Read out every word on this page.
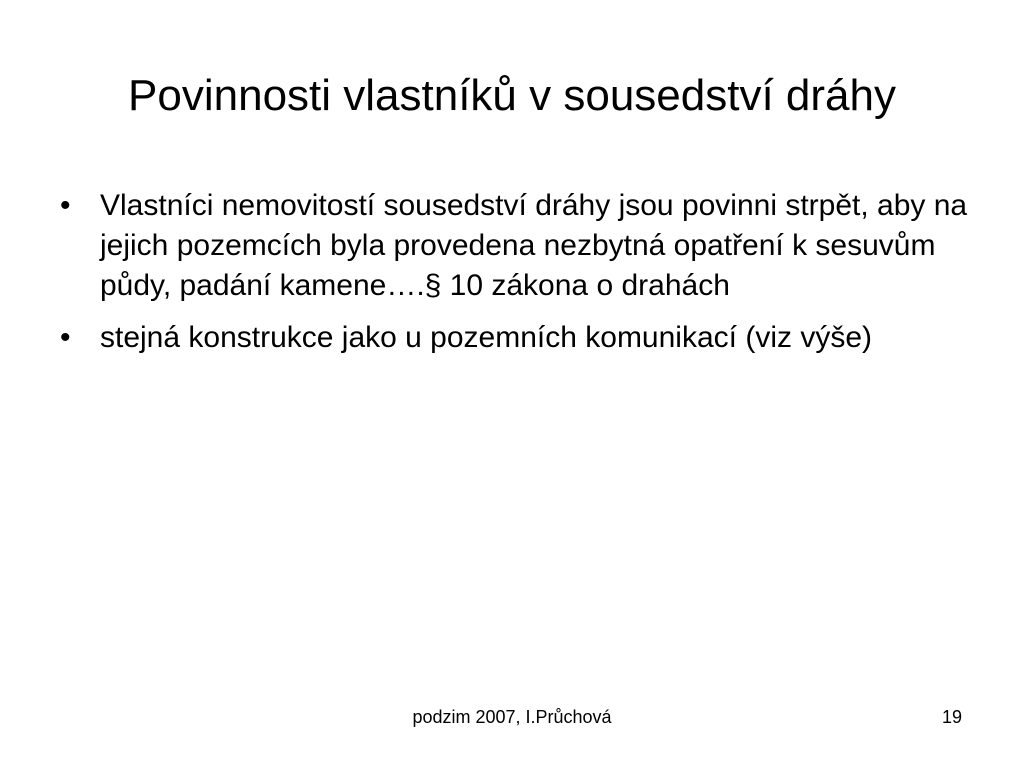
Povinnosti vlastníků v sousedství dráhy
• Vlastníci nemovitostí sousedství dráhy jsou povinni strpět, aby na jejich pozemcích byla provedena nezbytná opatření k sesuvům půdy, padání kamene….§ 10 zákona o drahách
• stejná konstrukce jako u pozemních komunikací (viz výše)
podzim 2007, I.Průchová	19
